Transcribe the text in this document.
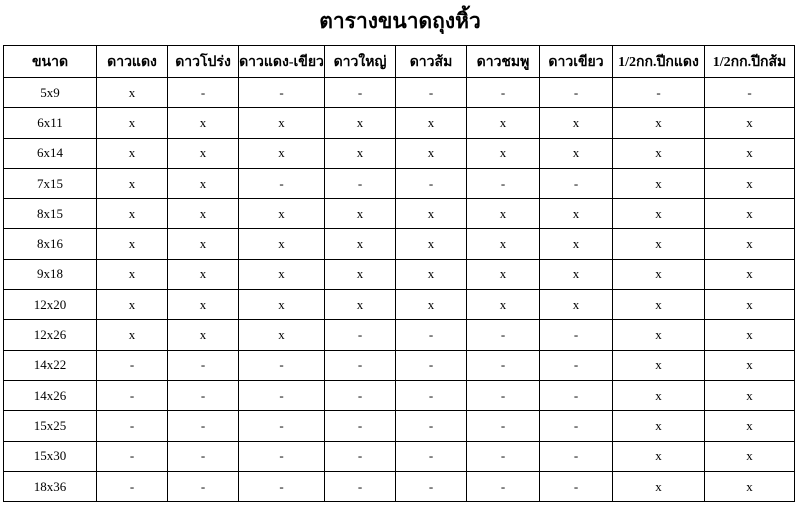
ตารางขนาดถุงหิ้ว
ขนาด	ดาวแดง	ดาวโปร่ง	ดาวแดง-เขียว	ดาวใหญ่	ดาวส้ม	ดาวชมพู	ดาวเขียว	1/2กก.ปีกแดง	1/2กก.ปีกส้ม
5x9	x	-	-	-	-	-	-	-	-
6x11	x	x	x	x	x	x	x	x	x
6x14	x	x	x	x	x	x	x	x	x
7x15	x	x	-	-	-	-	-	x	x
8x15	x	x	x	x	x	x	x	x	x
8x16	x	x	x	x	x	x	x	x	x
9x18	x	x	x	x	x	x	x	x	x
12x20	x	x	x	x	x	x	x	x	x
12x26	x	x	x	-	-	-	-	x	x
14x22	-	-	-	-	-	-	-	x	x
14x26	-	-	-	-	-	-	-	x	x
15x25	-	-	-	-	-	-	-	x	x
15x30	-	-	-	-	-	-	-	x	x
18x36	-	-	-	-	-	-	-	x	x
